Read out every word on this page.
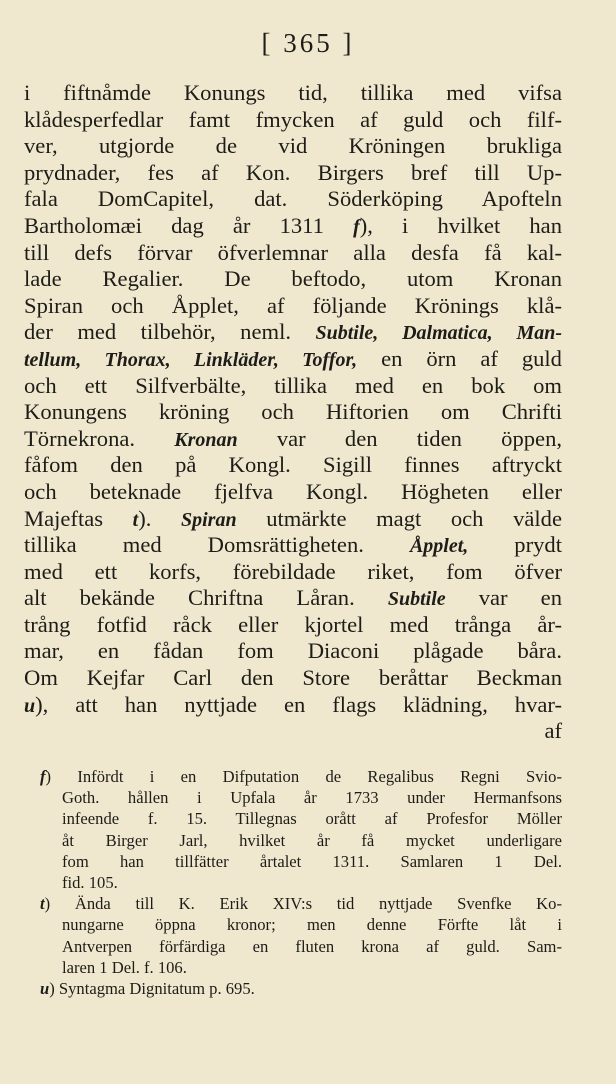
[ 365 ]
i fiftnåmde Konungs tid, tillika med vifsa
klådesperfedlar famt fmycken af guld och filf-
ver, utgjorde de vid Kröningen brukliga
prydnader, fes af Kon. Birgers bref till Up-
fala DomCapitel, dat. Söderköping Apofteln
Bartholomæi dag år 1311 f), i hvilket han
till defs förvar öfverlemnar alla desfa få kal-
lade Regalier. De beftodo, utom Kronan
Spiran och Åpplet, af följande Krönings klå-
der med tilbehör, neml. Subtile, Dalmatica, Man-
tellum, Thorax, Linkläder, Toffor, en örn af guld
och ett Silfverbälte, tillika med en bok om
Konungens kröning och Hiftorien om Chrifti
Törnekrona. Kronan var den tiden öppen,
fåfom den på Kongl. Sigill finnes aftryckt
och beteknade fjelfva Kongl. Högheten eller
Majeftas t). Spiran utmärkte magt och välde
tillika med Domsrättigheten. Åpplet, prydt
med ett korfs, förebildade riket, fom öfver
alt bekände Chriftna Låran. Subtile var en
trång fotfid råck eller kjortel med trånga år-
mar, en fådan fom Diaconi plågade båra.
Om Kejfar Carl den Store beråttar Beckman
u), att han nyttjade en flags klädning, hvar-
af
f) Infördt i en Difputation de Regalibus Regni Svio-
Goth. hållen i Upfala år 1733 under Hermanfsons
infeende f. 15. Tillegnas orått af Profesfor Möller
åt Birger Jarl, hvilket år få mycket underligare
fom han tillfätter årtalet 1311. Samlaren 1 Del.
fid. 105.
t) Ända till K. Erik XIV:s tid nyttjade Svenfke Ko-
nungarne öppna kronor; men denne Förfte låt i
Antverpen förfärdiga en fluten krona af guld. Sam-
laren 1 Del. f. 106.
u) Syntagma Dignitatum p. 695.
